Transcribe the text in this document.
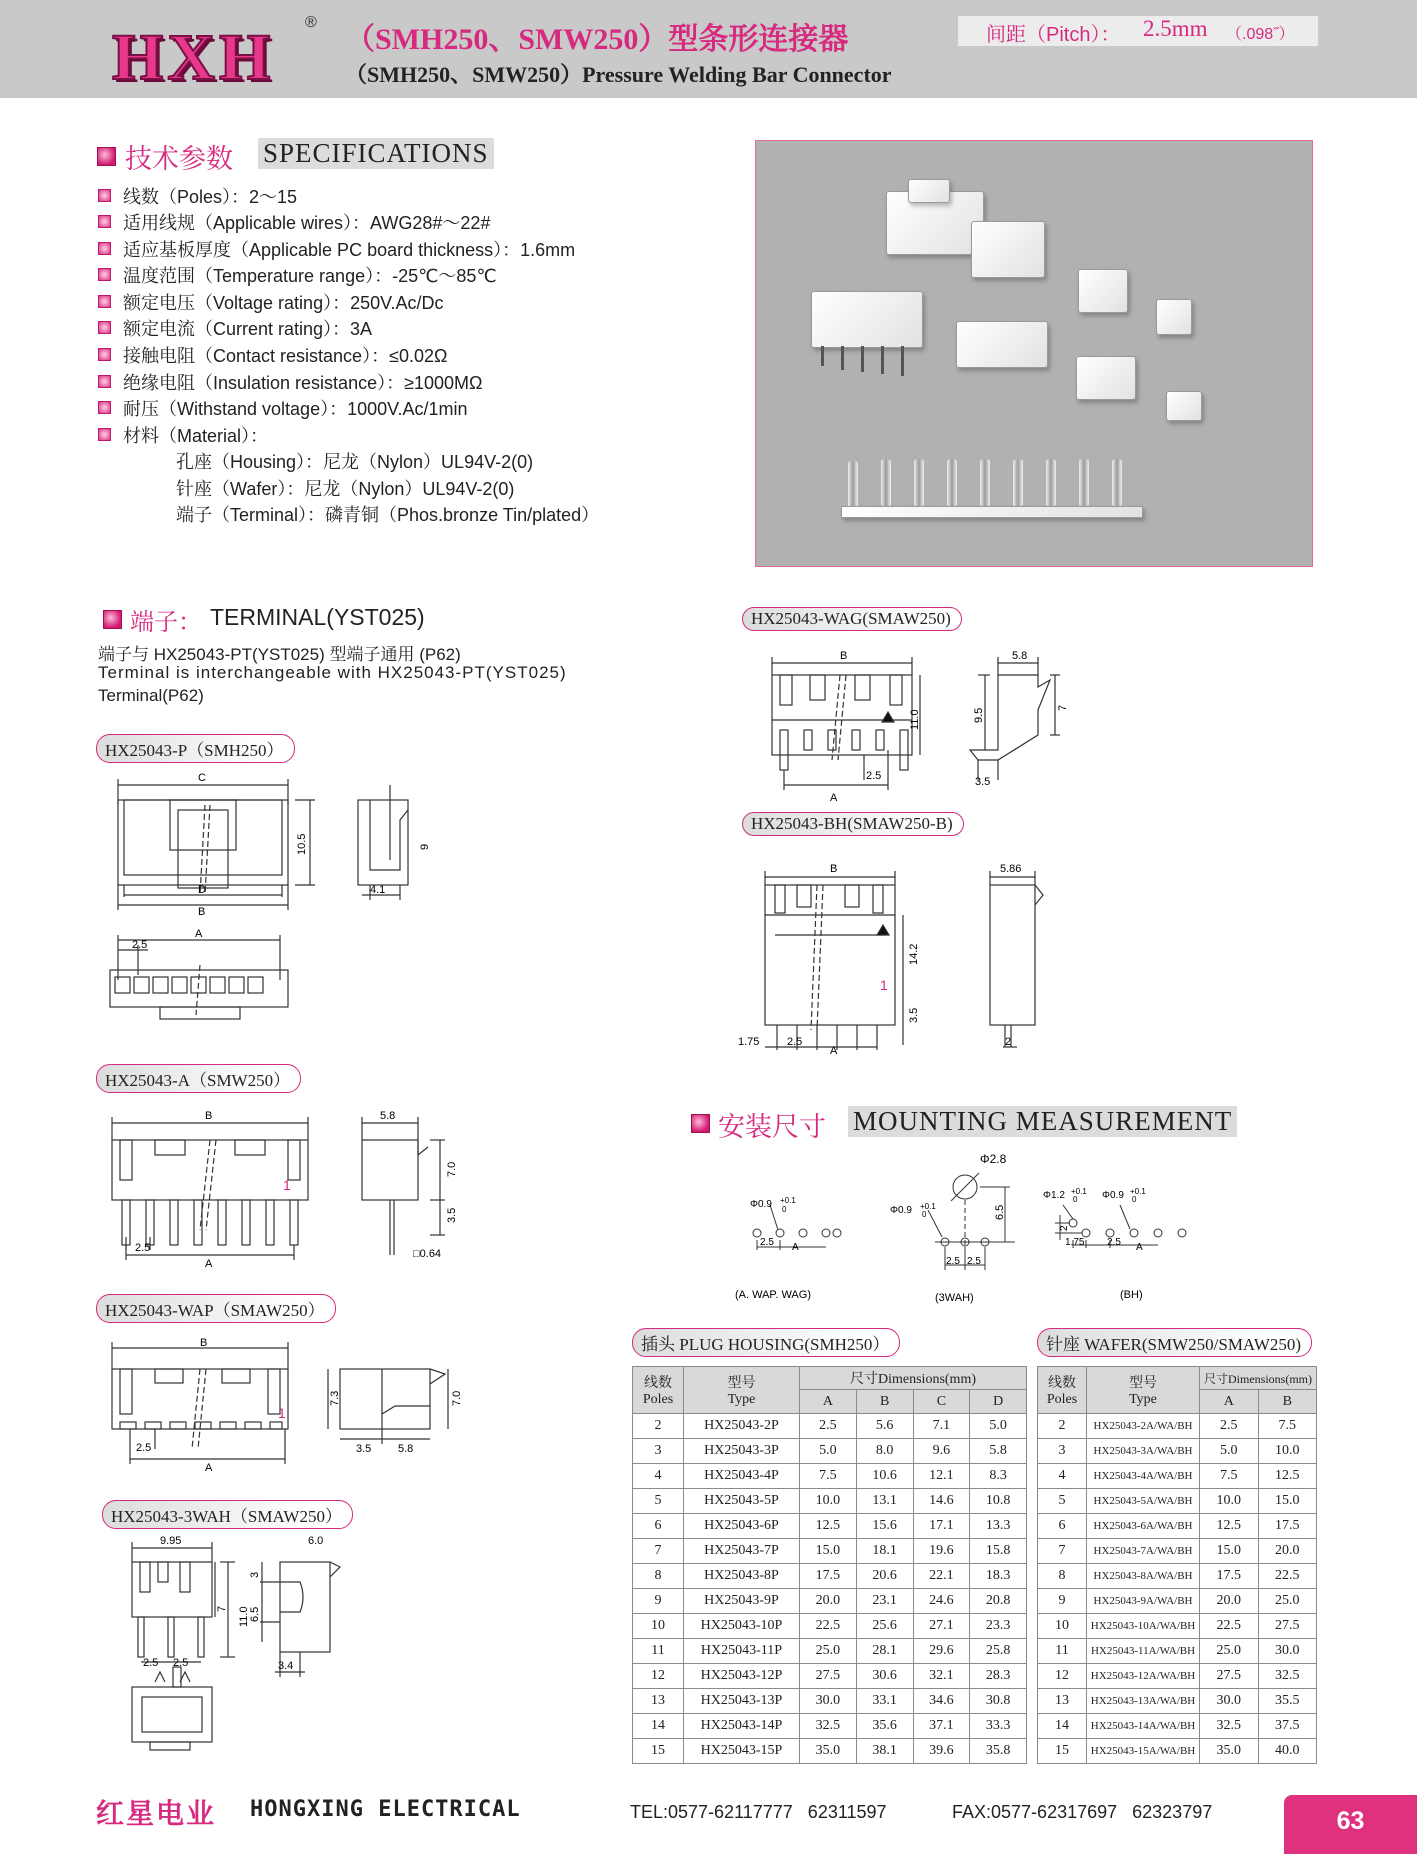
HXH ®
（SMH250、SMW250）型条形连接器
（SMH250、SMW250）Pressure Welding Bar Connector
间距（Pitch）： 2.5mm （.098˝）
技术参数 SPECIFICATIONS
线数（Poles）：2～15
适用线规（Applicable wires）：AWG28#～22#
适应基板厚度（Applicable PC board thickness）：1.6mm
温度范围（Temperature range）：-25℃～85℃
额定电压（Voltage rating）：250V.Ac/Dc
额定电流（Current rating）：3A
接触电阻（Contact resistance）：≤0.02Ω
绝缘电阻（Insulation resistance）：≥1000MΩ
耐压（Withstand voltage）：1000V.Ac/1min
材料（Material）：
孔座（Housing）：尼龙（Nylon）UL94V-2(0)
针座（Wafer）：尼龙（Nylon）UL94V-2(0)
端子（Terminal）：磷青铜（Phos.bronze Tin/plated）
端子： TERMINAL(YST025)
端子与 HX25043-PT(YST025) 型端子通用 (P62)
Terminal is interchangeable with HX25043-PT(YST025)
Terminal(P62)
HX25043-P（SMH250）
C
D
B
10.5	9
4.1
A
2.5
HX25043-A（SMW250）
B
A
2.5
1
7.0
3.5
5.8
□0.64
HX25043-WAP（SMAW250）
B
A
2.5
1
7.3	7.0
3.5 5.8
HX25043-3WAH（SMAW250）
9.95	6.0
7 11.0
2.5 2.5
3
6.5
3.4
HX25043-WAG(SMAW250)
B
A
2.5
11.0	9.5	7
5.8
3.5
HX25043-BH(SMAW250-B)
B
A
2.5
1.75
14.2
3.5
1
5.86
2
安装尺寸 MOUNTING MEASUREMENT
Φ0.9 +0.1
0
2.5 A
Φ2.8
Φ0.9 +0.1
0	6.5
2.5 2.5
Φ1.2 +0.1
0 Φ0.9 +0.1
0
2
1.75 2.5 A
(A. WAP. WAG)	(3WAH)	(BH)
插头 PLUG HOUSING(SMH250）
线数
Poles	型号
Type	尺寸Dimensions(mm)			
		A	B	C	D
2	HX25043-2P	2.5	5.6	7.1	5.0
3	HX25043-3P	5.0	8.0	9.6	5.8
4	HX25043-4P	7.5	10.6	12.1	8.3
5	HX25043-5P	10.0	13.1	14.6	10.8
6	HX25043-6P	12.5	15.6	17.1	13.3
7	HX25043-7P	15.0	18.1	19.6	15.8
8	HX25043-8P	17.5	20.6	22.1	18.3
9	HX25043-9P	20.0	23.1	24.6	20.8
10	HX25043-10P	22.5	25.6	27.1	23.3
11	HX25043-11P	25.0	28.1	29.6	25.8
12	HX25043-12P	27.5	30.6	32.1	28.3
13	HX25043-13P	30.0	33.1	34.6	30.8
14	HX25043-14P	32.5	35.6	37.1	33.3
15	HX25043-15P	35.0	38.1	39.6	35.8
针座 WAFER(SMW250/SMAW250)
线数
Poles	型号
Type	尺寸Dimensions(mm)	
		A	B
2	HX25043-2A/WA/BH	2.5	7.5
3	HX25043-3A/WA/BH	5.0	10.0
4	HX25043-4A/WA/BH	7.5	12.5
5	HX25043-5A/WA/BH	10.0	15.0
6	HX25043-6A/WA/BH	12.5	17.5
7	HX25043-7A/WA/BH	15.0	20.0
8	HX25043-8A/WA/BH	17.5	22.5
9	HX25043-9A/WA/BH	20.0	25.0
10	HX25043-10A/WA/BH	22.5	27.5
11	HX25043-11A/WA/BH	25.0	30.0
12	HX25043-12A/WA/BH	27.5	32.5
13	HX25043-13A/WA/BH	30.0	35.5
14	HX25043-14A/WA/BH	32.5	37.5
15	HX25043-15A/WA/BH	35.0	40.0
红星电业 HONGXING ELECTRICAL	TEL:0577-62117777   62311597	FAX:0577-62317697   62323797	63
